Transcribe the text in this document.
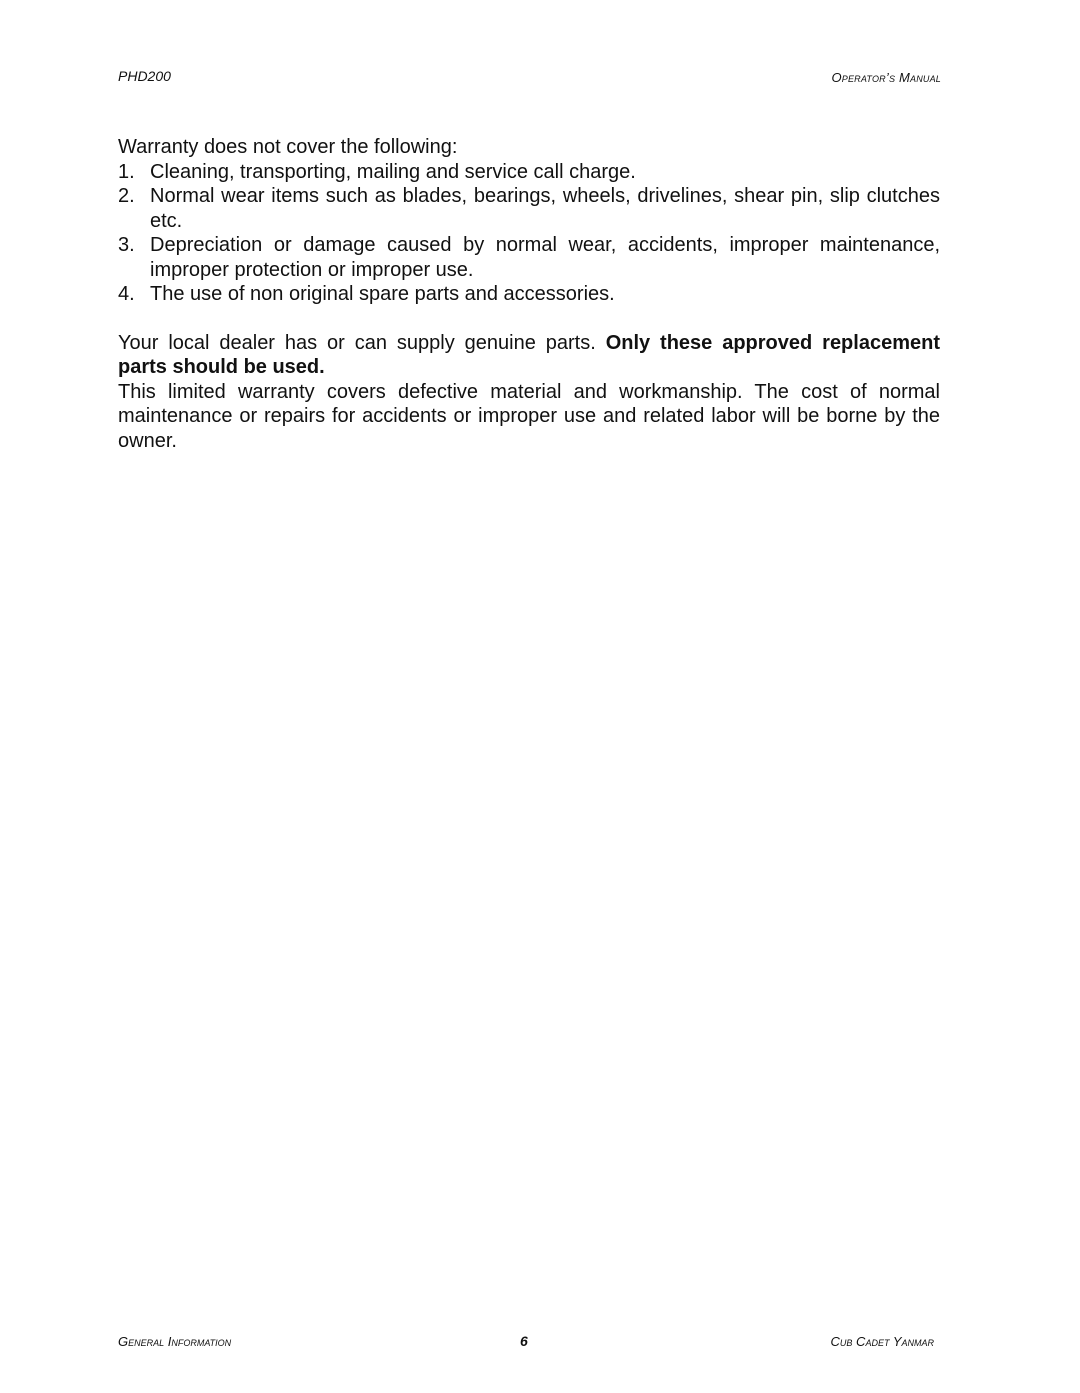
PHD200	Operator’s Manual

Warranty does not cover the following:

1. Cleaning, transporting, mailing and service call charge.
2. Normal wear items such as blades, bearings, wheels, drivelines, shear pin, slip clutches etc.
3. Depreciation or damage caused by normal wear, accidents, improper maintenance, improper protection or improper use.
4. The use of non original spare parts and accessories.

Your local dealer has or can supply genuine parts. Only these approved replacement parts should be used.

This limited warranty covers defective material and workmanship. The cost of normal maintenance or repairs for accidents or improper use and related labor will be borne by the owner.

General Information	6	Cub Cadet Yanmar
